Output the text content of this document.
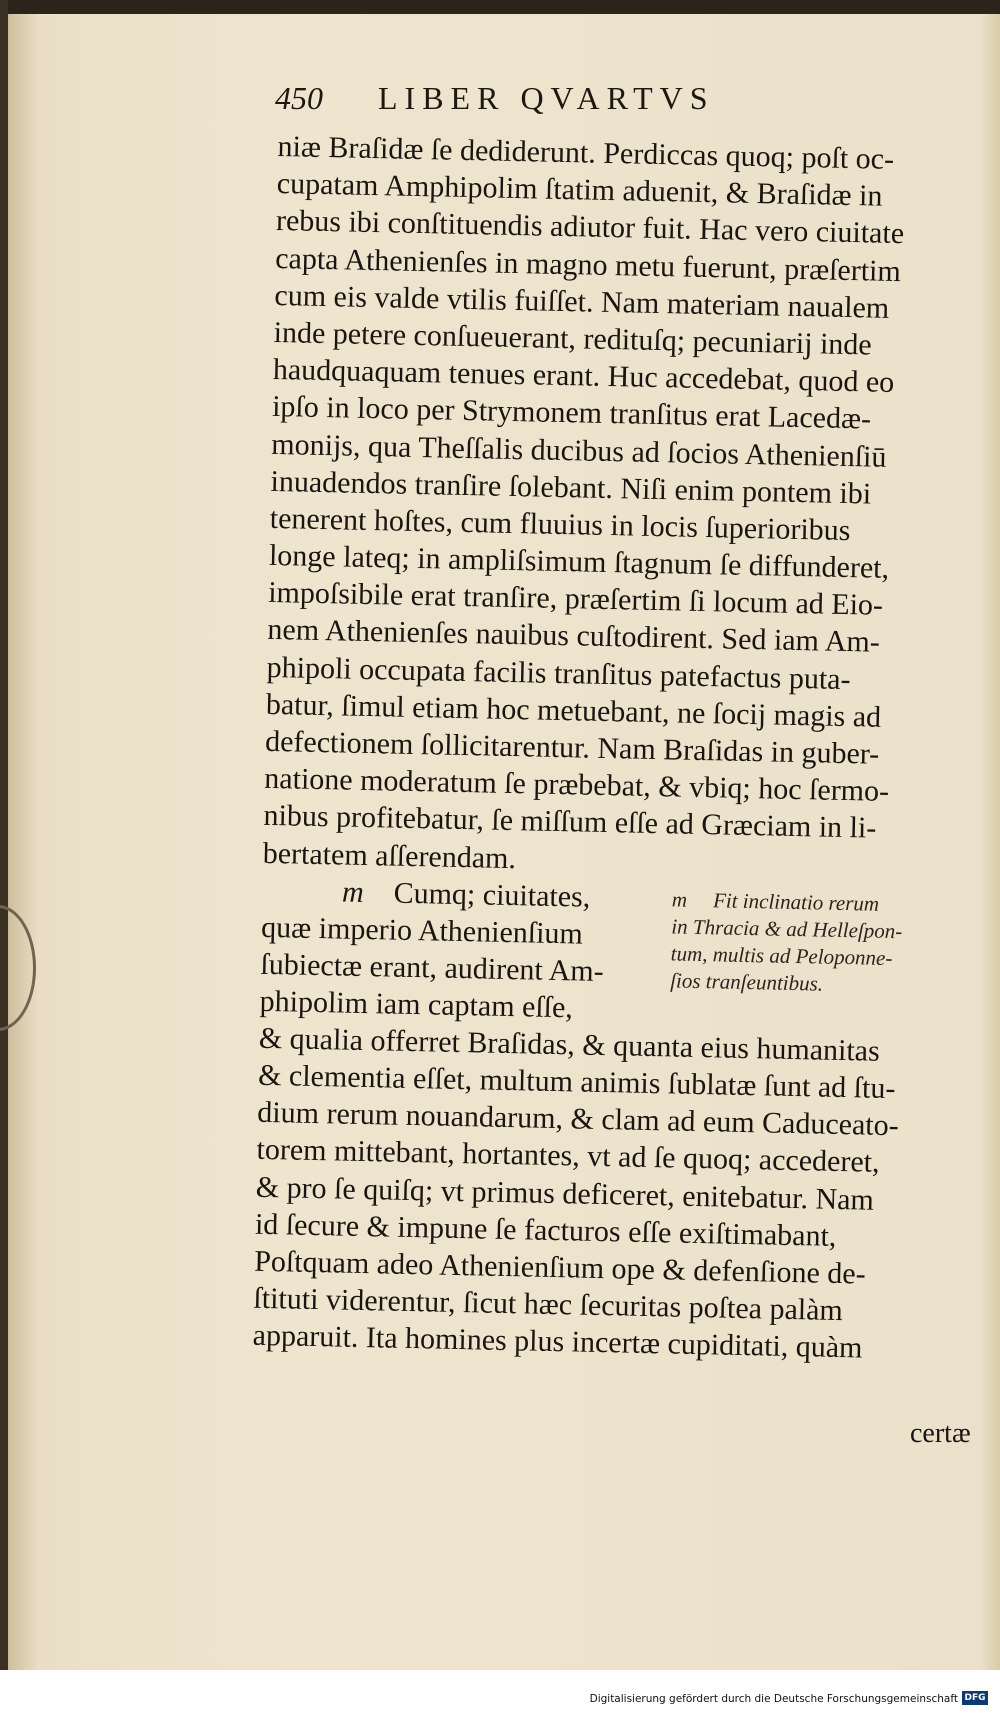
450 LIBER QVARTVS
niæ Braſidæ ſe dediderunt. Perdiccas quoq; poſt oc-
cupatam Amphipolim ſtatim aduenit, & Braſidæ in
rebus ibi conſtituendis adiutor fuit. Hac vero ciuitate
capta Athenienſes in magno metu fuerunt, præſertim
cum eis valde vtilis fuiſſet. Nam materiam naualem
inde petere conſueuerant, redituſq; pecuniarij inde
haudquaquam tenues erant. Huc accedebat, quod eo
ipſo in loco per Strymonem tranſitus erat Lacedæ-
monijs, qua Theſſalis ducibus ad ſocios Athenienſiū
inuadendos tranſire ſolebant. Niſi enim pontem ibi
tenerent hoſtes, cum fluuius in locis ſuperioribus
longe lateq; in ampliſsimum ſtagnum ſe diffunderet,
impoſsibile erat tranſire, præſertim ſi locum ad Eio-
nem Athenienſes nauibus cuſtodirent. Sed iam Am-
phipoli occupata facilis tranſitus patefactus puta-
batur, ſimul etiam hoc metuebant, ne ſocij magis ad
defectionem ſollicitarentur. Nam Braſidas in guber-
natione moderatum ſe præbebat, & vbiq; hoc ſermo-
nibus profitebatur, ſe miſſum eſſe ad Græciam in li-
bertatem aſſerendam.
m Cumq; ciuitates,
quæ imperio Athenienſium
ſubiectæ erant, audirent Am-
phipolim iam captam eſſe,
m Fit inclinatio rerum
in Thracia & ad Helleſpon-
tum, multis ad Peloponne-
ſios tranſeuntibus.
& qualia offerret Braſidas, & quanta eius humanitas
& clementia eſſet, multum animis ſublatæ ſunt ad ſtu-
dium rerum nouandarum, & clam ad eum Caduceato-
torem mittebant, hortantes, vt ad ſe quoq; accederet,
& pro ſe quiſq; vt primus deficeret, enitebatur. Nam
id ſecure & impune ſe facturos eſſe exiſtimabant,
Poſtquam adeo Athenienſium ope & defenſione de-
ſtituti viderentur, ſicut hæc ſecuritas poſtea palàm
apparuit. Ita homines plus incertæ cupiditati, quàm
certæ
Digitalisierung gefördert durch die Deutsche Forschungsgemeinschaft DFG
